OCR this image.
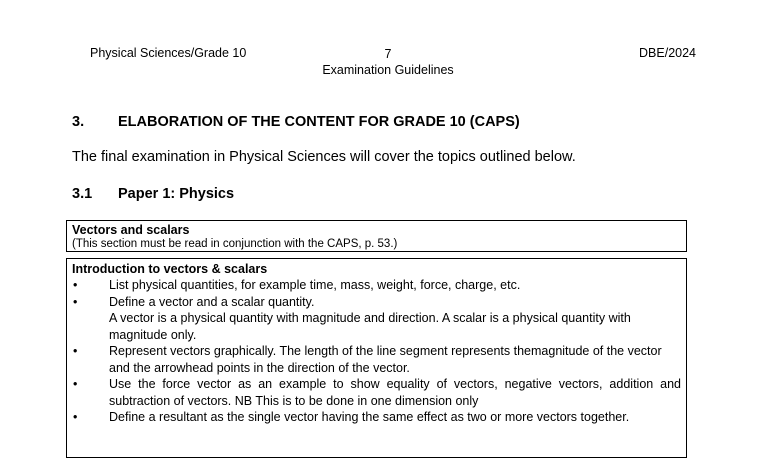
Physical Sciences/Grade 10	7
Examination Guidelines
DBE/2024
3. ELABORATION OF THE CONTENT FOR GRADE 10 (CAPS)
The final examination in Physical Sciences will cover the topics outlined below.
3.1 Paper 1: Physics
Vectors and scalars
(This section must be read in conjunction with the CAPS, p. 53.)
Introduction to vectors & scalars
•	List physical quantities, for example time, mass, weight, force, charge, etc.
•	Define a vector and a scalar quantity.
A vector is a physical quantity with magnitude and direction. A scalar is a physical quantity with magnitude only.
•	Represent vectors graphically. The length of the line segment represents themagnitude of the vector and the arrowhead points in the direction of the vector.
•	Use the force vector as an example to show equality of vectors, negative vectors, addition and subtraction of vectors. NB This is to be done in one dimension only
•	Define a resultant as the single vector having the same effect as two or more vectors together.
